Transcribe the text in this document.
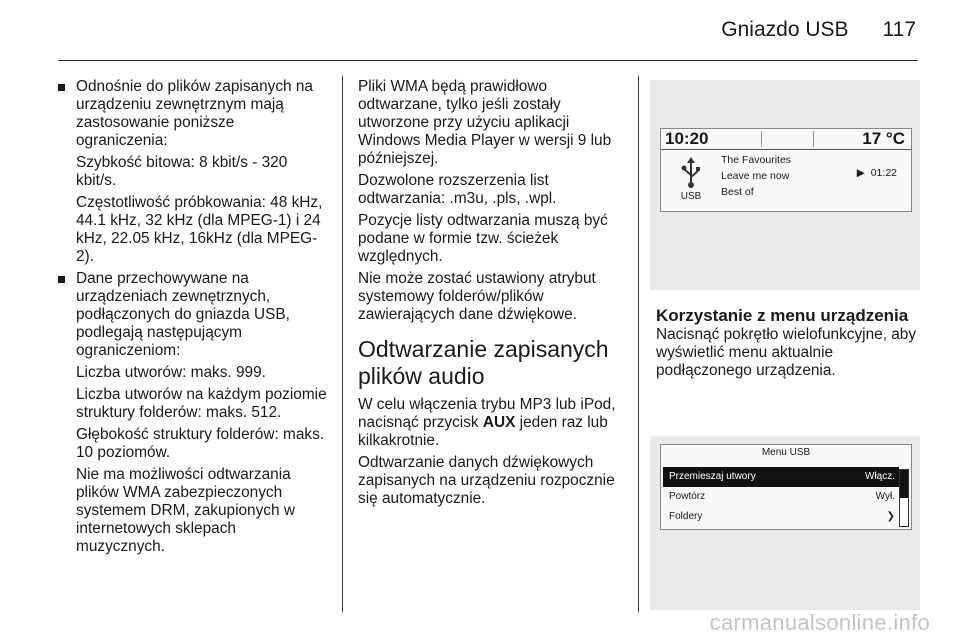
Gniazdo USB 117
Odnośnie do plików zapisanych na urządzeniu zewnętrznym mają zastosowanie poniższe ograniczenia:

Szybkość bitowa: 8 kbit/s - 320 kbit/s.

Częstotliwość próbkowania: 48 kHz, 44.1 kHz, 32 kHz (dla MPEG-1) i 24 kHz, 22.05 kHz, 16kHz (dla MPEG-2).

Dane przechowywane na urządzeniach zewnętrznych, podłączonych do gniazda USB, podlegają następującym ograniczeniom:

Liczba utworów: maks. 999.

Liczba utworów na każdym poziomie struktury folderów: maks. 512.

Głębokość struktury folderów: maks. 10 poziomów.

Nie ma możliwości odtwarzania plików WMA zabezpieczonych systemem DRM, zakupionych w internetowych sklepach muzycznych.

Pliki WMA będą prawidłowo odtwarzane, tylko jeśli zostały utworzone przy użyciu aplikacji Windows Media Player w wersji 9 lub późniejszej.

Dozwolone rozszerzenia list odtwarzania: .m3u, .pls, .wpl.

Pozycje listy odtwarzania muszą być podane w formie tzw. ścieżek względnych.

Nie może zostać ustawiony atrybut systemowy folderów/plików zawierających dane dźwiękowe.

Odtwarzanie zapisanych plików audio

W celu włączenia trybu MP3 lub iPod, nacisnąć przycisk AUX jeden raz lub kilkakrotnie.

Odtwarzanie danych dźwiękowych zapisanych na urządzeniu rozpocznie się automatycznie.

10:20	17 °C
USB
The Favourites
Leave me now
Best of
▶ 01:22
Korzystanie z menu urządzenia

Nacisnąć pokrętło wielofunkcyjne, aby wyświetlić menu aktualnie podłączonego urządzenia.

Menu USB
Przemieszaj utwory	Włącz.
Powtórz	Wył.
Foldery	❯
carmanualsonline.info
